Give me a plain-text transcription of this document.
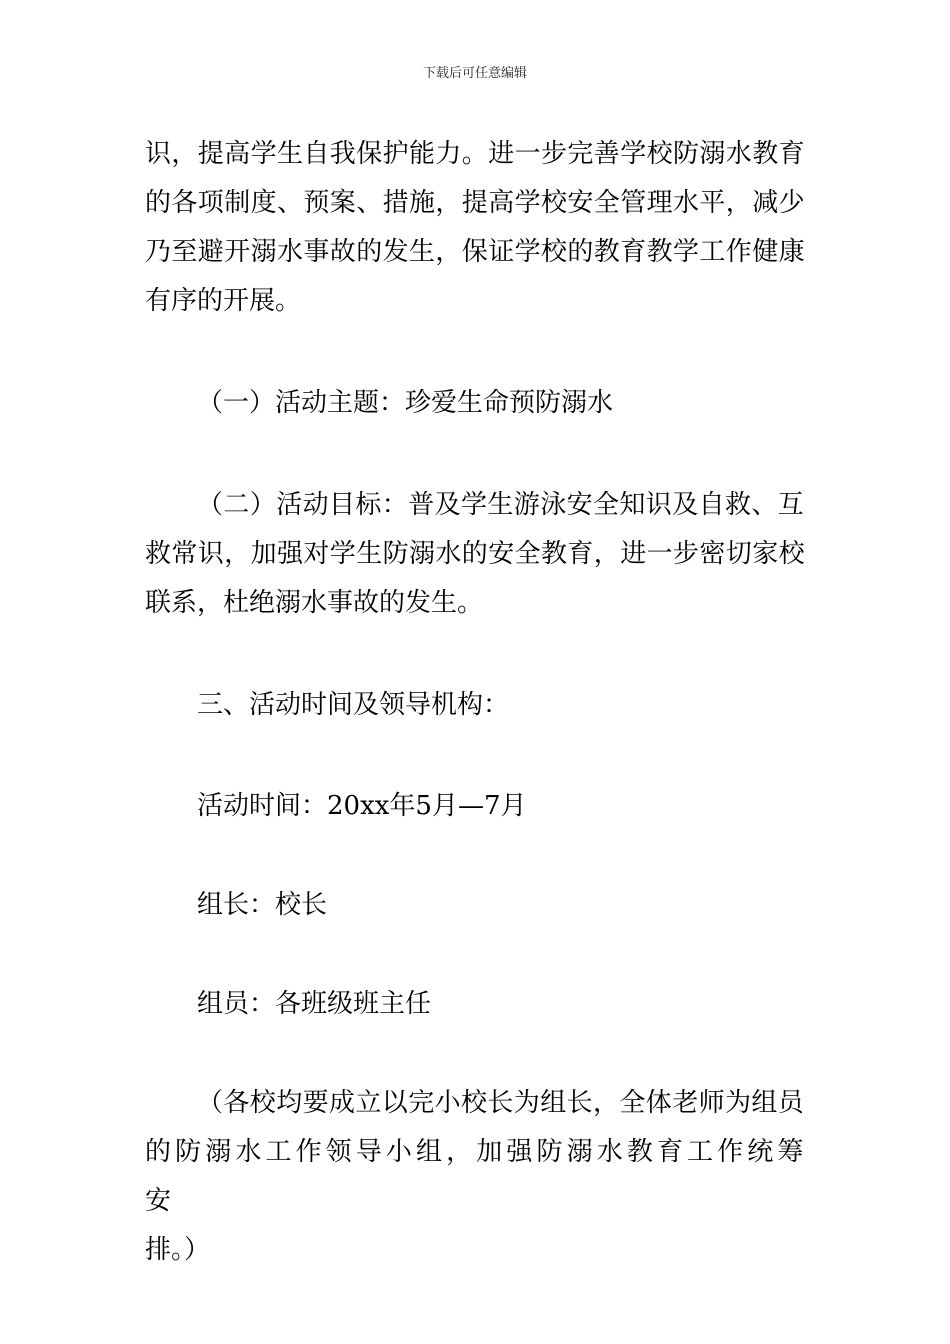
下载后可任意编辑
识，提高学生自我保护能力。进一步完善学校防溺水教育
的各项制度、预案、措施，提高学校安全管理水平，减少
乃至避开溺水事故的发生，保证学校的教育教学工作健康
有序的开展。
（一）活动主题：珍爱生命预防溺水
（二）活动目标：普及学生游泳安全知识及自救、互
救常识，加强对学生防溺水的安全教育，进一步密切家校
联系，杜绝溺水事故的发生。
三、活动时间及领导机构：
活动时间：20xx年5月—7月
组长：校长
组员：各班级班主任
（各校均要成立以完小校长为组长，全体老师为组员
的防溺水工作领导小组，加强防溺水教育工作统筹安
排。）
